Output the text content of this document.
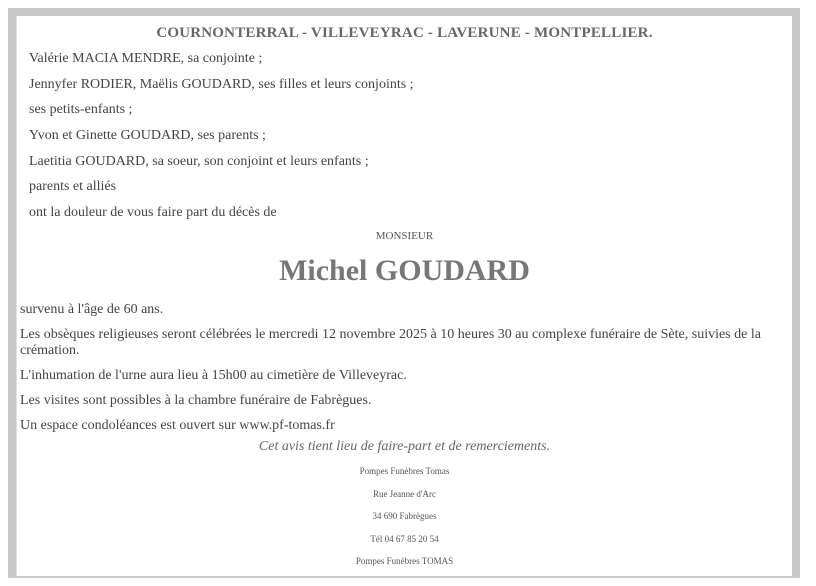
COURNONTERRAL - VILLEVEYRAC - LAVERUNE - MONTPELLIER.
Valérie MACIA MENDRE, sa conjointe ;
Jennyfer RODIER, Maëlis GOUDARD, ses filles et leurs conjoints ;
ses petits-enfants ;
Yvon et Ginette GOUDARD, ses parents ;
Laetitia GOUDARD, sa soeur, son conjoint et leurs enfants ;
parents et alliés
ont la douleur de vous faire part du décès de
MONSIEUR
Michel GOUDARD
survenu à l'âge de 60 ans.
Les obsèques religieuses seront célébrées le mercredi 12 novembre 2025 à 10 heures 30 au complexe funéraire de Sète, suivies de la crémation.
L'inhumation de l'urne aura lieu à 15h00 au cimetière de Villeveyrac.
Les visites sont possibles à la chambre funéraire de Fabrègues.
Un espace condoléances est ouvert sur www.pf-tomas.fr
Cet avis tient lieu de faire-part et de remerciements.
Pompes Funèbres Tomas
Rue Jeanne d'Arc
34 690 Fabrègues
Tél 04 67 85 20 54
Pompes Funèbres TOMAS
